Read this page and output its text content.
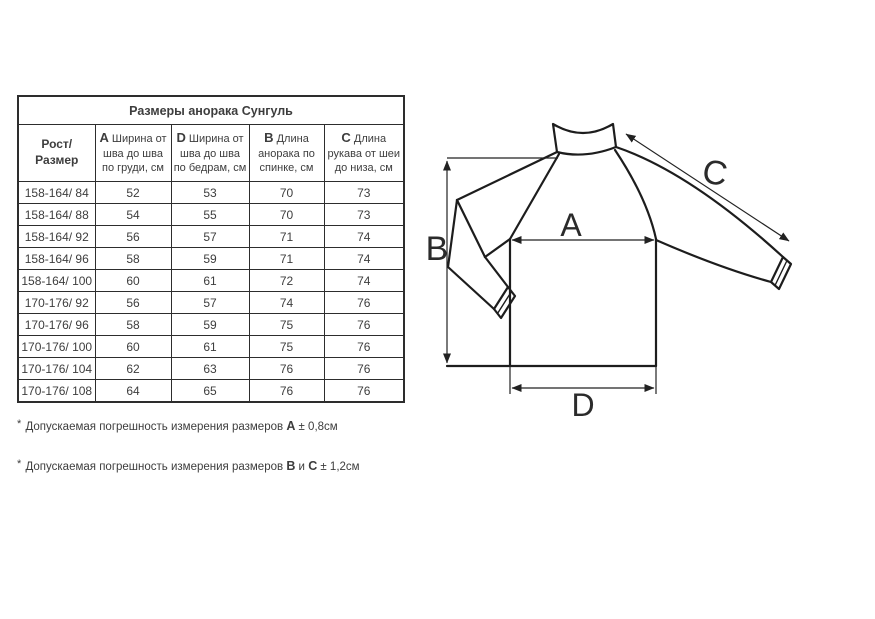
Размеры анорака Сунгуль				
Рост/Размер	A Ширина от шва до шва по груди, см	D Ширина от шва до шва по бедрам, см	B Длина анорака по спинке, см	C Длина рукава от шеи до низа, см
158-164/ 84	52	53	70	73
158-164/ 88	54	55	70	73
158-164/ 92	56	57	71	74
158-164/ 96	58	59	71	74
158-164/ 100	60	61	72	74
170-176/ 92	56	57	74	76
170-176/ 96	58	59	75	76
170-176/ 100	60	61	75	76
170-176/ 104	62	63	76	76
170-176/ 108	64	65	76	76
* Допускаемая погрешность измерения размеров A ± 0,8см
* Допускаемая погрешность измерения размеров B и C ± 1,2см
A
B
C
D
